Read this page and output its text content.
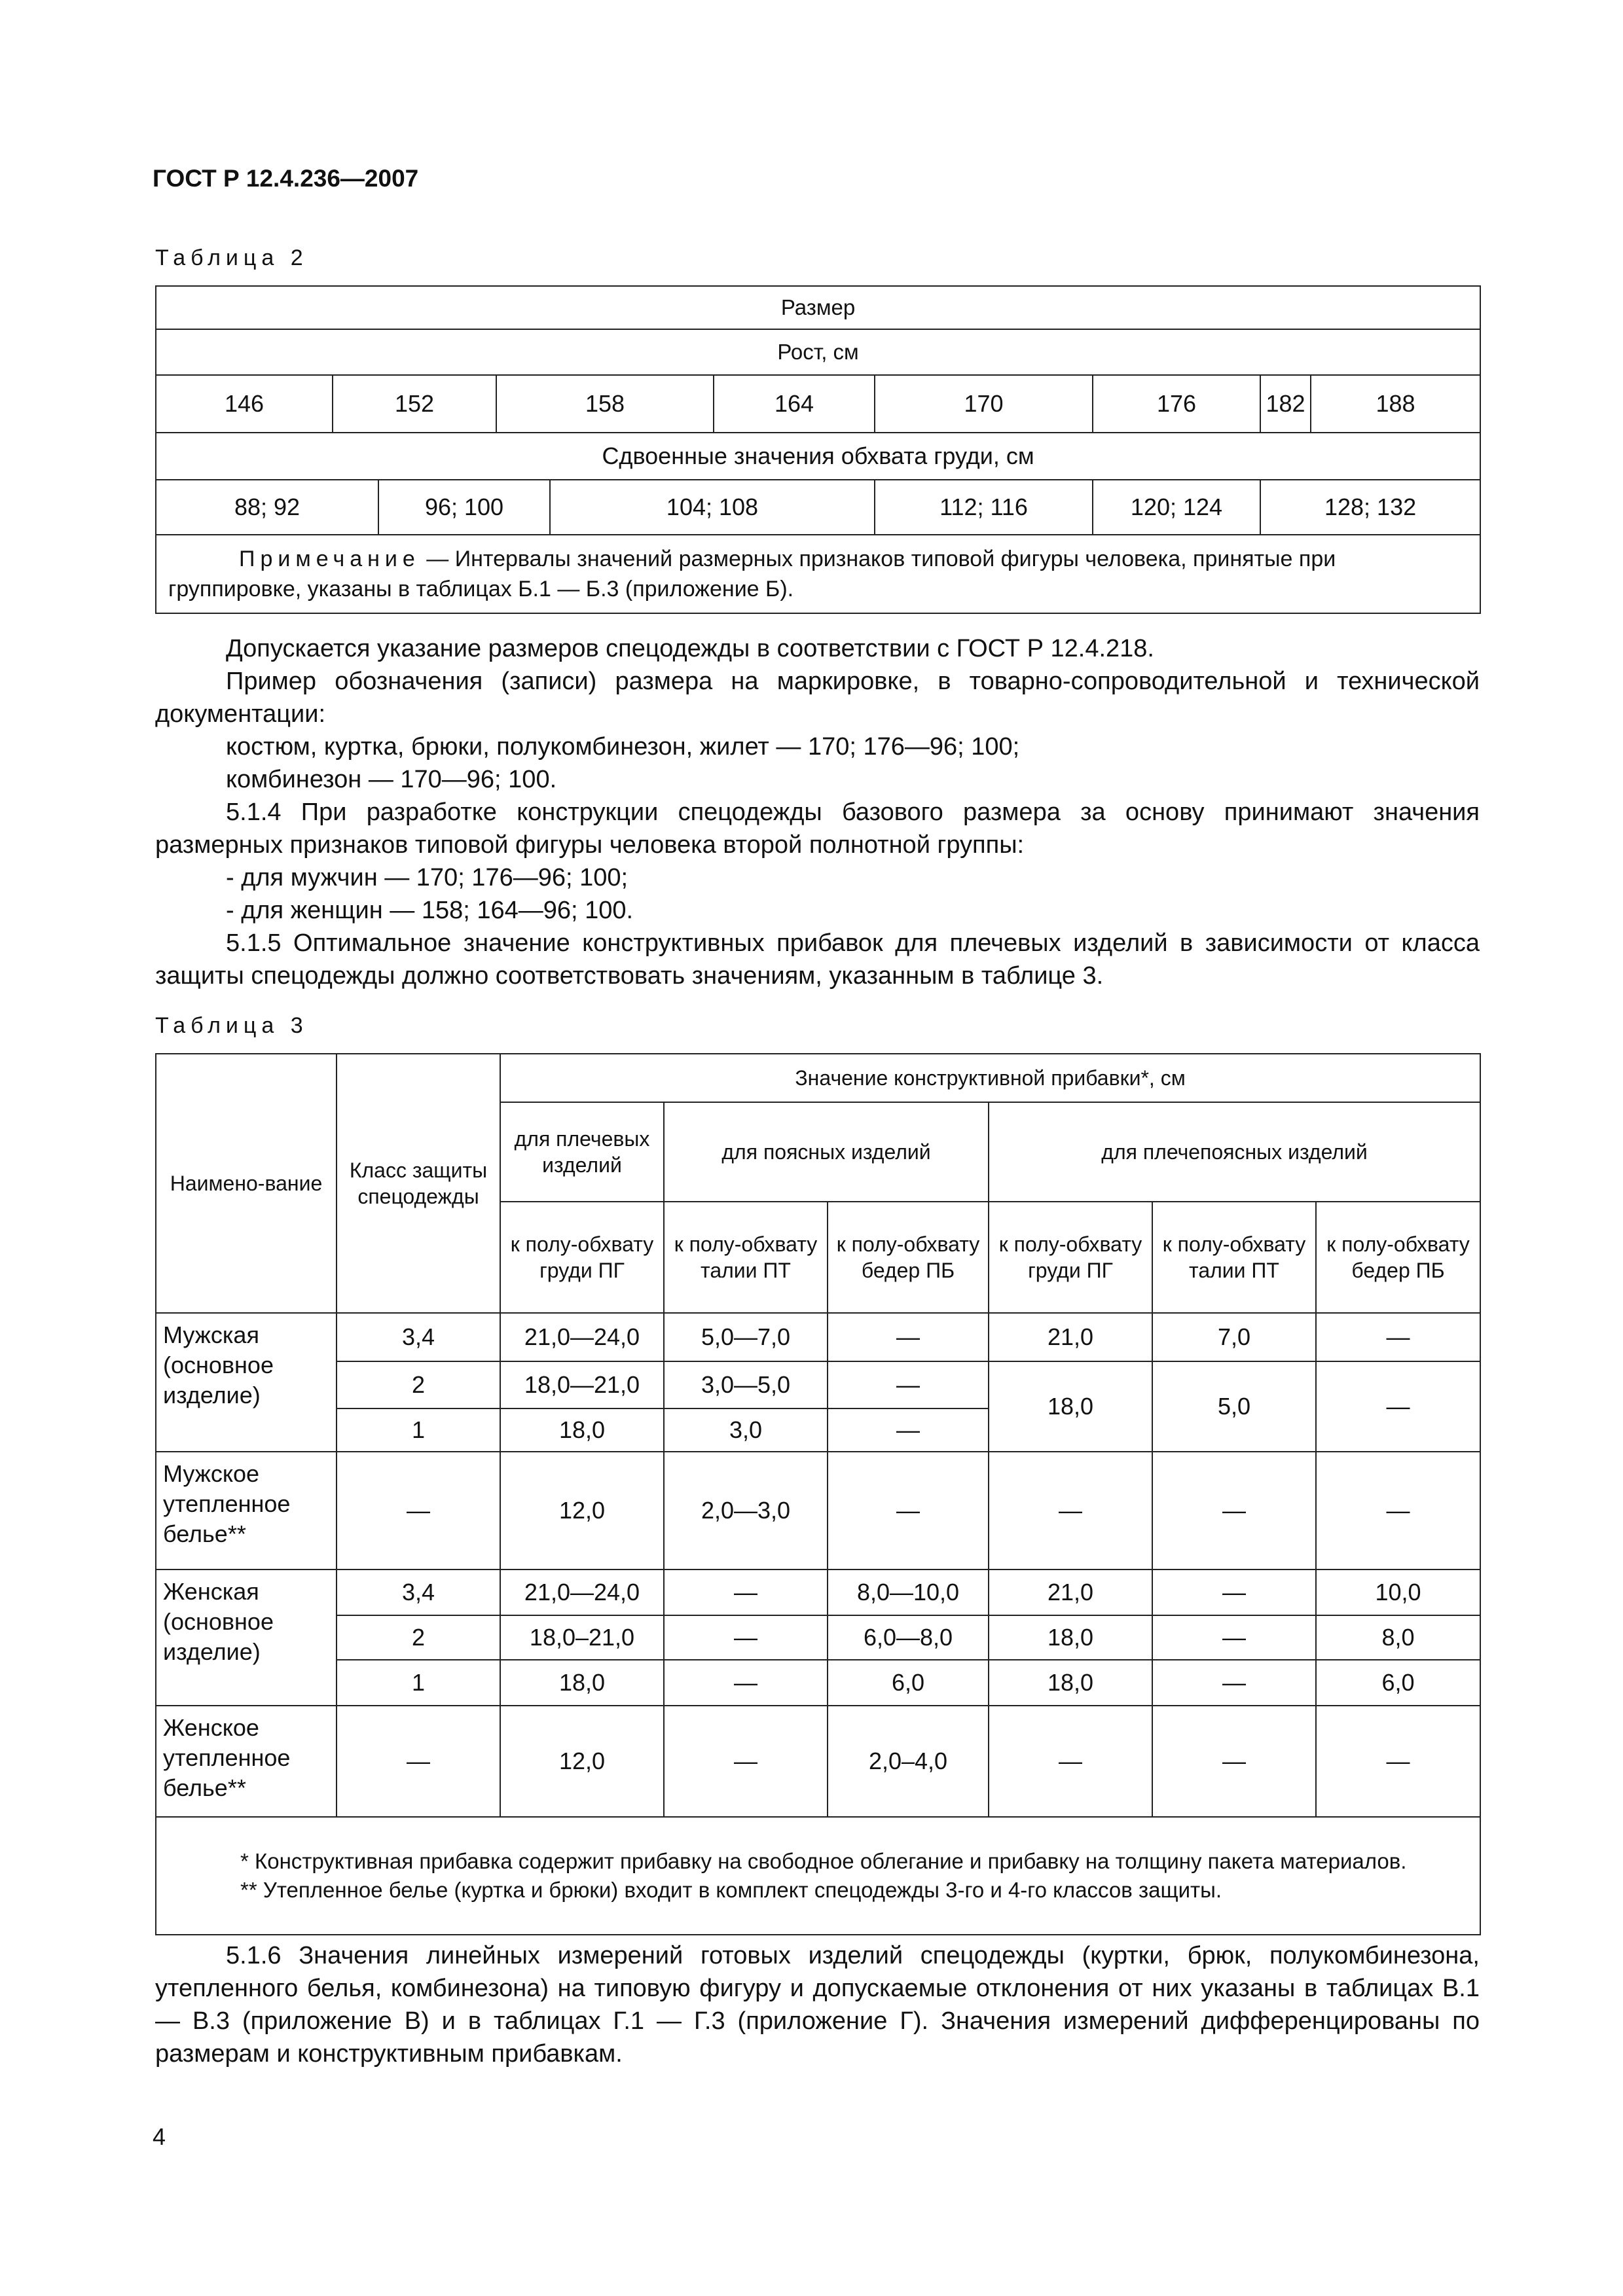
ГОСТ Р 12.4.236—2007
Таблица 2
Размер									
Рост, см									
146	152		158		164	170	176	182	188
Сдвоенные значения обхвата груди, см									
88; 92		96; 100		104; 108		112; 116	120; 124	128; 132	
Примечание — Интервалы значений размерных признаков типовой фигуры человека, принятые при группировке, указаны в таблицах Б.1 — Б.3 (приложение Б).									

Допускается указание размеров спецодежды в соответствии с ГОСТ Р 12.4.218.

Пример обозначения (записи) размера на маркировке, в товарно-сопроводительной и технической документации:

костюм, куртка, брюки, полукомбинезон, жилет — 170; 176—96; 100;

комбинезон — 170—96; 100.

5.1.4 При разработке конструкции спецодежды базового размера за основу принимают значения размерных признаков типовой фигуры человека второй полнотной группы:

- для мужчин — 170; 176—96; 100;

- для женщин — 158; 164—96; 100.

5.1.5 Оптимальное значение конструктивных прибавок для плечевых изделий в зависимости от класса защиты спецодежды должно соответствовать значениям, указанным в таблице 3.

Таблица 3
Наимено-вание	Класс защиты спецодежды	Значение конструктивной прибавки*, см					
		для плечевых изделий	для поясных изделий		для плечепоясных изделий		
		к полу-обхвату груди ПГ	к полу-обхвату талии ПТ	к полу-обхвату бедер ПБ	к полу-обхвату груди ПГ	к полу-обхвату талии ПТ	к полу-обхвату бедер ПБ
Мужская (основное изделие)	3,4	21,0—24,0	5,0—7,0	—	21,0	7,0	—
	2	18,0—21,0	3,0—5,0	—	18,0	5,0	—
	1	18,0	3,0	—			
Мужское утепленное белье**	—	12,0	2,0—3,0	—	—	—	—
Женская (основное изделие)	3,4	21,0—24,0	—	8,0—10,0	21,0	—	10,0
	2	18,0–21,0	—	6,0—8,0	18,0	—	8,0
	1	18,0	—	6,0	18,0	—	6,0
Женское утепленное белье**	—	12,0	—	2,0–4,0	—	—	—

* Конструктивная прибавка содержит прибавку на свободное облегание и прибавку на толщину пакета материалов.
** Утепленное белье (куртка и брюки) входит в комплект спецодежды 3-го и 4-го классов защиты.							

5.1.6 Значения линейных измерений готовых изделий спецодежды (куртки, брюк, полукомбинезона, утепленного белья, комбинезона) на типовую фигуру и допускаемые отклонения от них указаны в таблицах В.1 — В.3 (приложение В) и в таблицах Г.1 — Г.3 (приложение Г). Значения измерений дифференцированы по размерам и конструктивным прибавкам.

4
